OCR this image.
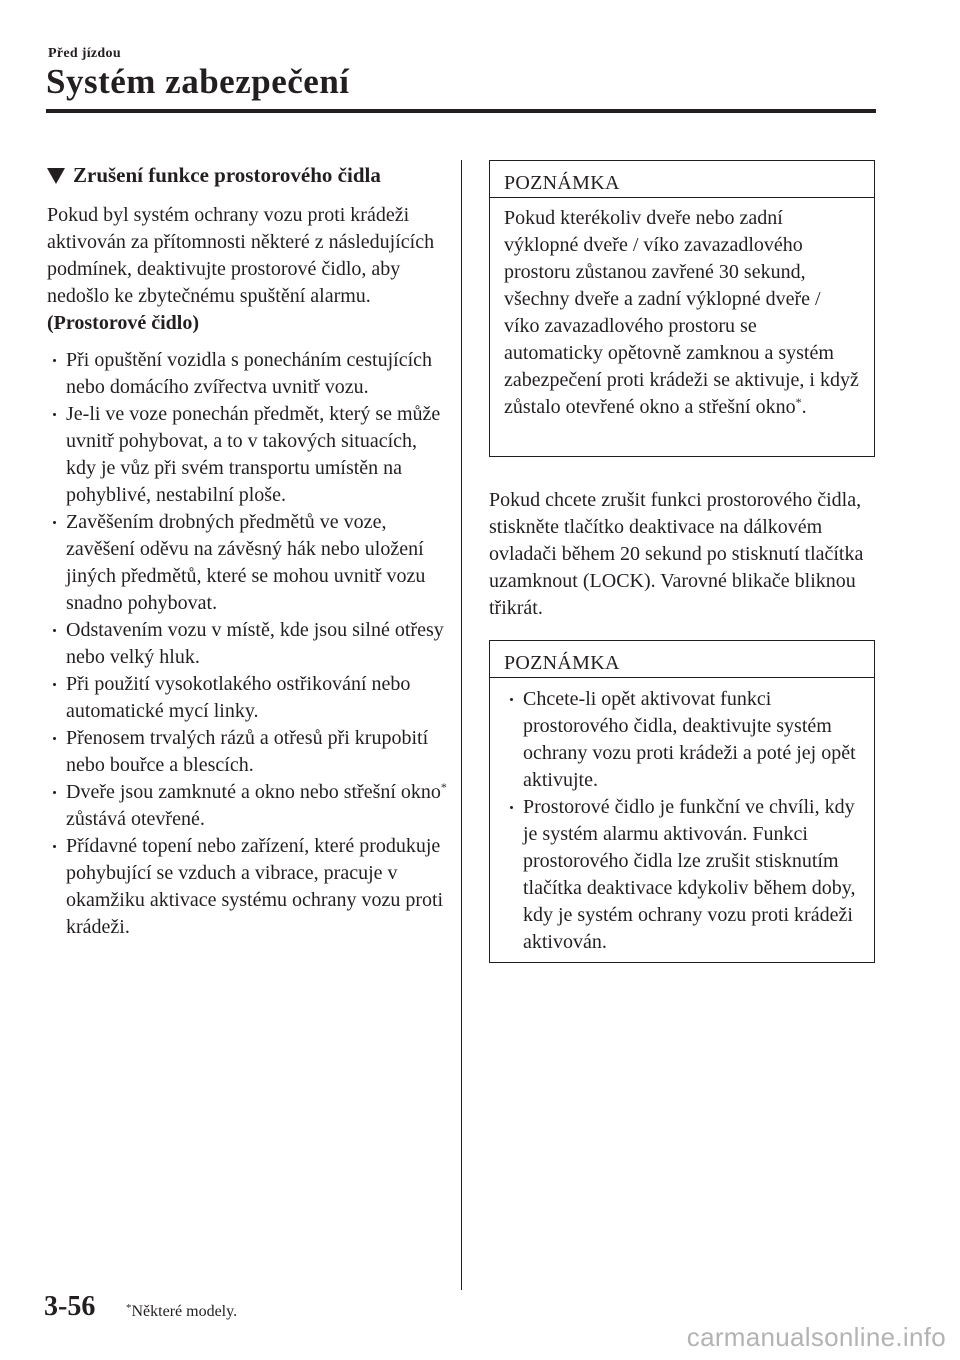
Před jízdou
Systém zabezpečení
Zrušení funkce prostorového čidla

Pokud byl systém ochrany vozu proti krádeži aktivován za přítomnosti některé z následujících podmínek, deaktivujte prostorové čidlo, aby nedošlo ke zbytečnému spuštění alarmu.

(Prostorové čidlo)

Při opuštění vozidla s ponecháním cestujících nebo domácího zvířectva uvnitř vozu.
Je-li ve voze ponechán předmět, který se může uvnitř pohybovat, a to v takových situacích, kdy je vůz při svém transportu umístěn na pohyblivé, nestabilní ploše.
Zavěšením drobných předmětů ve voze, zavěšení oděvu na závěsný hák nebo uložení jiných předmětů, které se mohou uvnitř vozu snadno pohybovat.
Odstavením vozu v místě, kde jsou silné otřesy nebo velký hluk.
Při použití vysokotlakého ostřikování nebo automatické mycí linky.
Přenosem trvalých rázů a otřesů při krupobití nebo bouřce a blescích.
Dveře jsou zamknuté a okno nebo střešní okno* zůstává otevřené.
Přídavné topení nebo zařízení, které produkuje pohybující se vzduch a vibrace, pracuje v okamžiku aktivace systému ochrany vozu proti krádeži.
POZNÁMKA
Pokud kterékoliv dveře nebo zadní výklopné dveře / víko zavazadlového prostoru zůstanou zavřené 30 sekund, všechny dveře a zadní výklopné dveře / víko zavazadlového prostoru se automaticky opětovně zamknou a systém zabezpečení proti krádeži se aktivuje, i když zůstalo otevřené okno a střešní okno*.

Pokud chcete zrušit funkci prostorového čidla, stiskněte tlačítko deaktivace na dálkovém ovladači během 20 sekund po stisknutí tlačítka uzamknout (LOCK). Varovné blikače bliknou třikrát.

POZNÁMKA
Chcete-li opět aktivovat funkci prostorového čidla, deaktivujte systém ochrany vozu proti krádeži a poté jej opět aktivujte.
Prostorové čidlo je funkční ve chvíli, kdy je systém alarmu aktivován. Funkci prostorového čidla lze zrušit stisknutím tlačítka deaktivace kdykoliv během doby, kdy je systém ochrany vozu proti krádeži aktivován.
3-56	*Některé modely.
carmanualsonline.info
